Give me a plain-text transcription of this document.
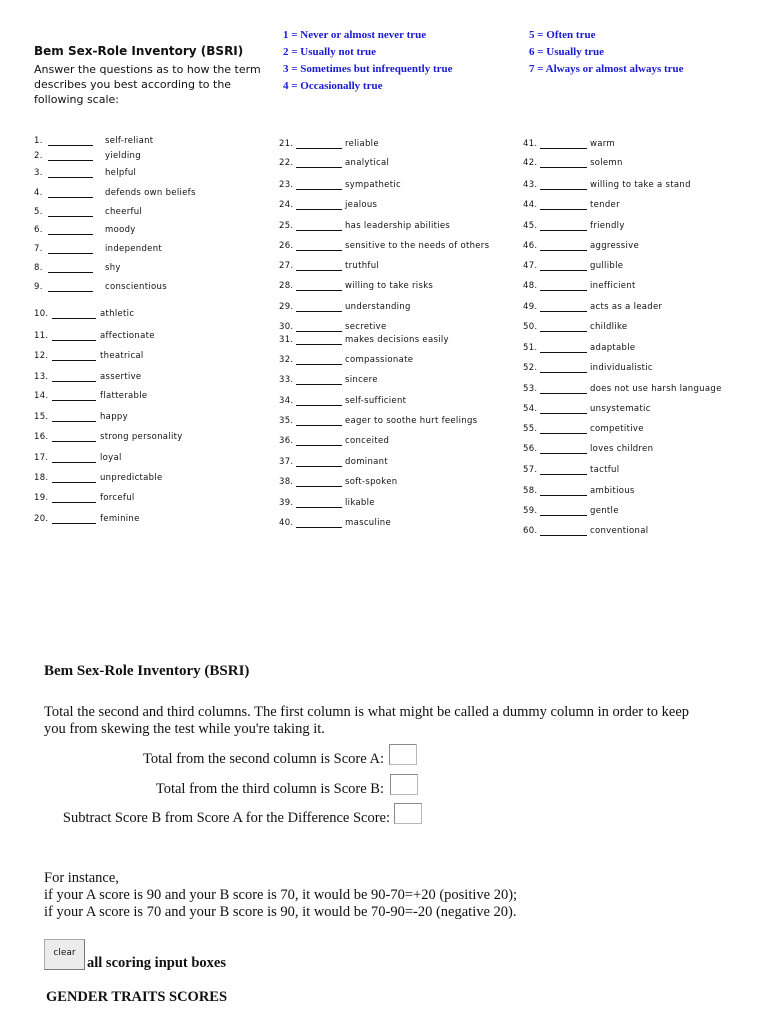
Bem Sex-Role Inventory (BSRI)
Answer the questions as to how the term describes you best according to the following scale:
1 = Never or almost never true
2 = Usually not true
3 = Sometimes but infrequently true
4 = Occasionally true
5 = Often true
6 = Usually true
7 = Always or almost always true
1.	self-reliant
2.	yielding
3.	helpful
4.	defends own beliefs
5.	cheerful
6.	moody
7.	independent
8.	shy
9.	conscientious
10.	athletic
11.	affectionate
12.	theatrical
13.	assertive
14.	flatterable
15.	happy
16.	strong personality
17.	loyal
18.	unpredictable
19.	forceful
20.	feminine
21.	reliable
22.	analytical
23.	sympathetic
24.	jealous
25.	has leadership abilities
26.	sensitive to the needs of others
27.	truthful
28.	willing to take risks
29.	understanding
30.	secretive
31.	makes decisions easily
32.	compassionate
33.	sincere
34.	self-sufficient
35.	eager to soothe hurt feelings
36.	conceited
37.	dominant
38.	soft-spoken
39.	likable
40.	masculine
41.	warm
42.	solemn
43.	willing to take a stand
44.	tender
45.	friendly
46.	aggressive
47.	gullible
48.	inefficient
49.	acts as a leader
50.	childlike
51.	adaptable
52.	individualistic
53.	does not use harsh language
54.	unsystematic
55.	competitive
56.	loves children
57.	tactful
58.	ambitious
59.	gentle
60.	conventional
Bem Sex-Role Inventory (BSRI)
Total the second and third columns. The first column is what might be called a dummy column in order to keep you from skewing the test while you're taking it.
Total from the second column is Score A:
Total from the third column is Score B:
Subtract Score B from Score A for the Difference Score:
For instance,
if your A score is 90 and your B score is 70, it would be 90-70=+20 (positive 20);
if your A score is 70 and your B score is 90, it would be 70-90=-20 (negative 20).
clear
all scoring input boxes
GENDER TRAITS SCORES
